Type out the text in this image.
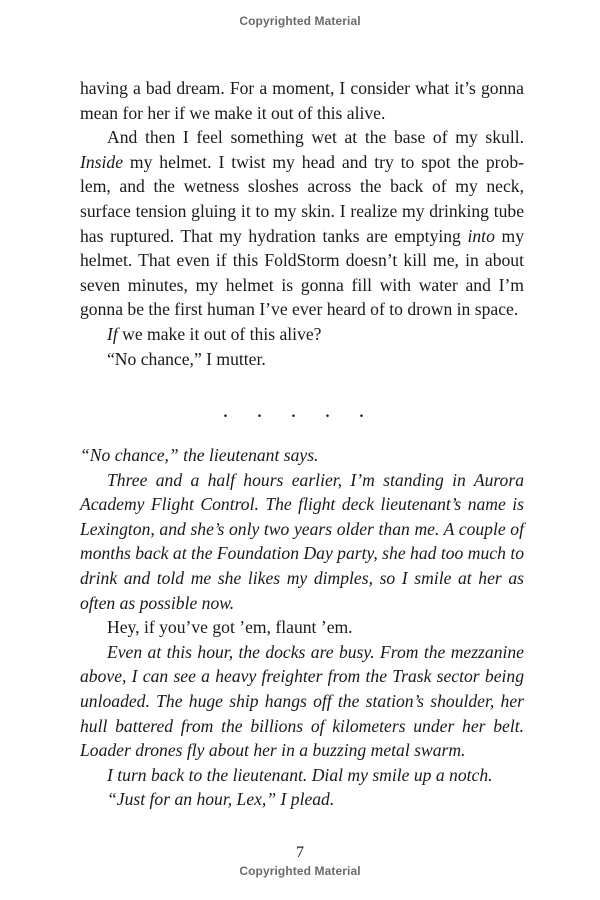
Copyrighted Material

having a bad dream. For a moment, I consider what it’s gonna mean for her if we make it out of this alive.

And then I feel something wet at the base of my skull. Inside my helmet. I twist my head and try to spot the prob-lem, and the wetness sloshes across the back of my neck, surface tension gluing it to my skin. I realize my drinking tube has ruptured. That my hydration tanks are emptying into my helmet. That even if this FoldStorm doesn’t kill me, in about seven minutes, my helmet is gonna fill with water and I’m gonna be the first human I’ve ever heard of to drown in space.

If we make it out of this alive?

“No chance,” I mutter.

. . . . .

“No chance,” the lieutenant says.

Three and a half hours earlier, I’m standing in Aurora Academy Flight Control. The flight deck lieutenant’s name is Lexington, and she’s only two years older than me. A couple of months back at the Foundation Day party, she had too much to drink and told me she likes my dimples, so I smile at her as often as possible now.

Hey, if you’ve got ’em, flaunt ’em.

Even at this hour, the docks are busy. From the mezzanine above, I can see a heavy freighter from the Trask sector being unloaded. The huge ship hangs off the station’s shoulder, her hull battered from the billions of kilometers under her belt. Loader drones fly about her in a buzzing metal swarm.

I turn back to the lieutenant. Dial my smile up a notch.

“Just for an hour, Lex,” I plead.

7
Copyrighted Material
